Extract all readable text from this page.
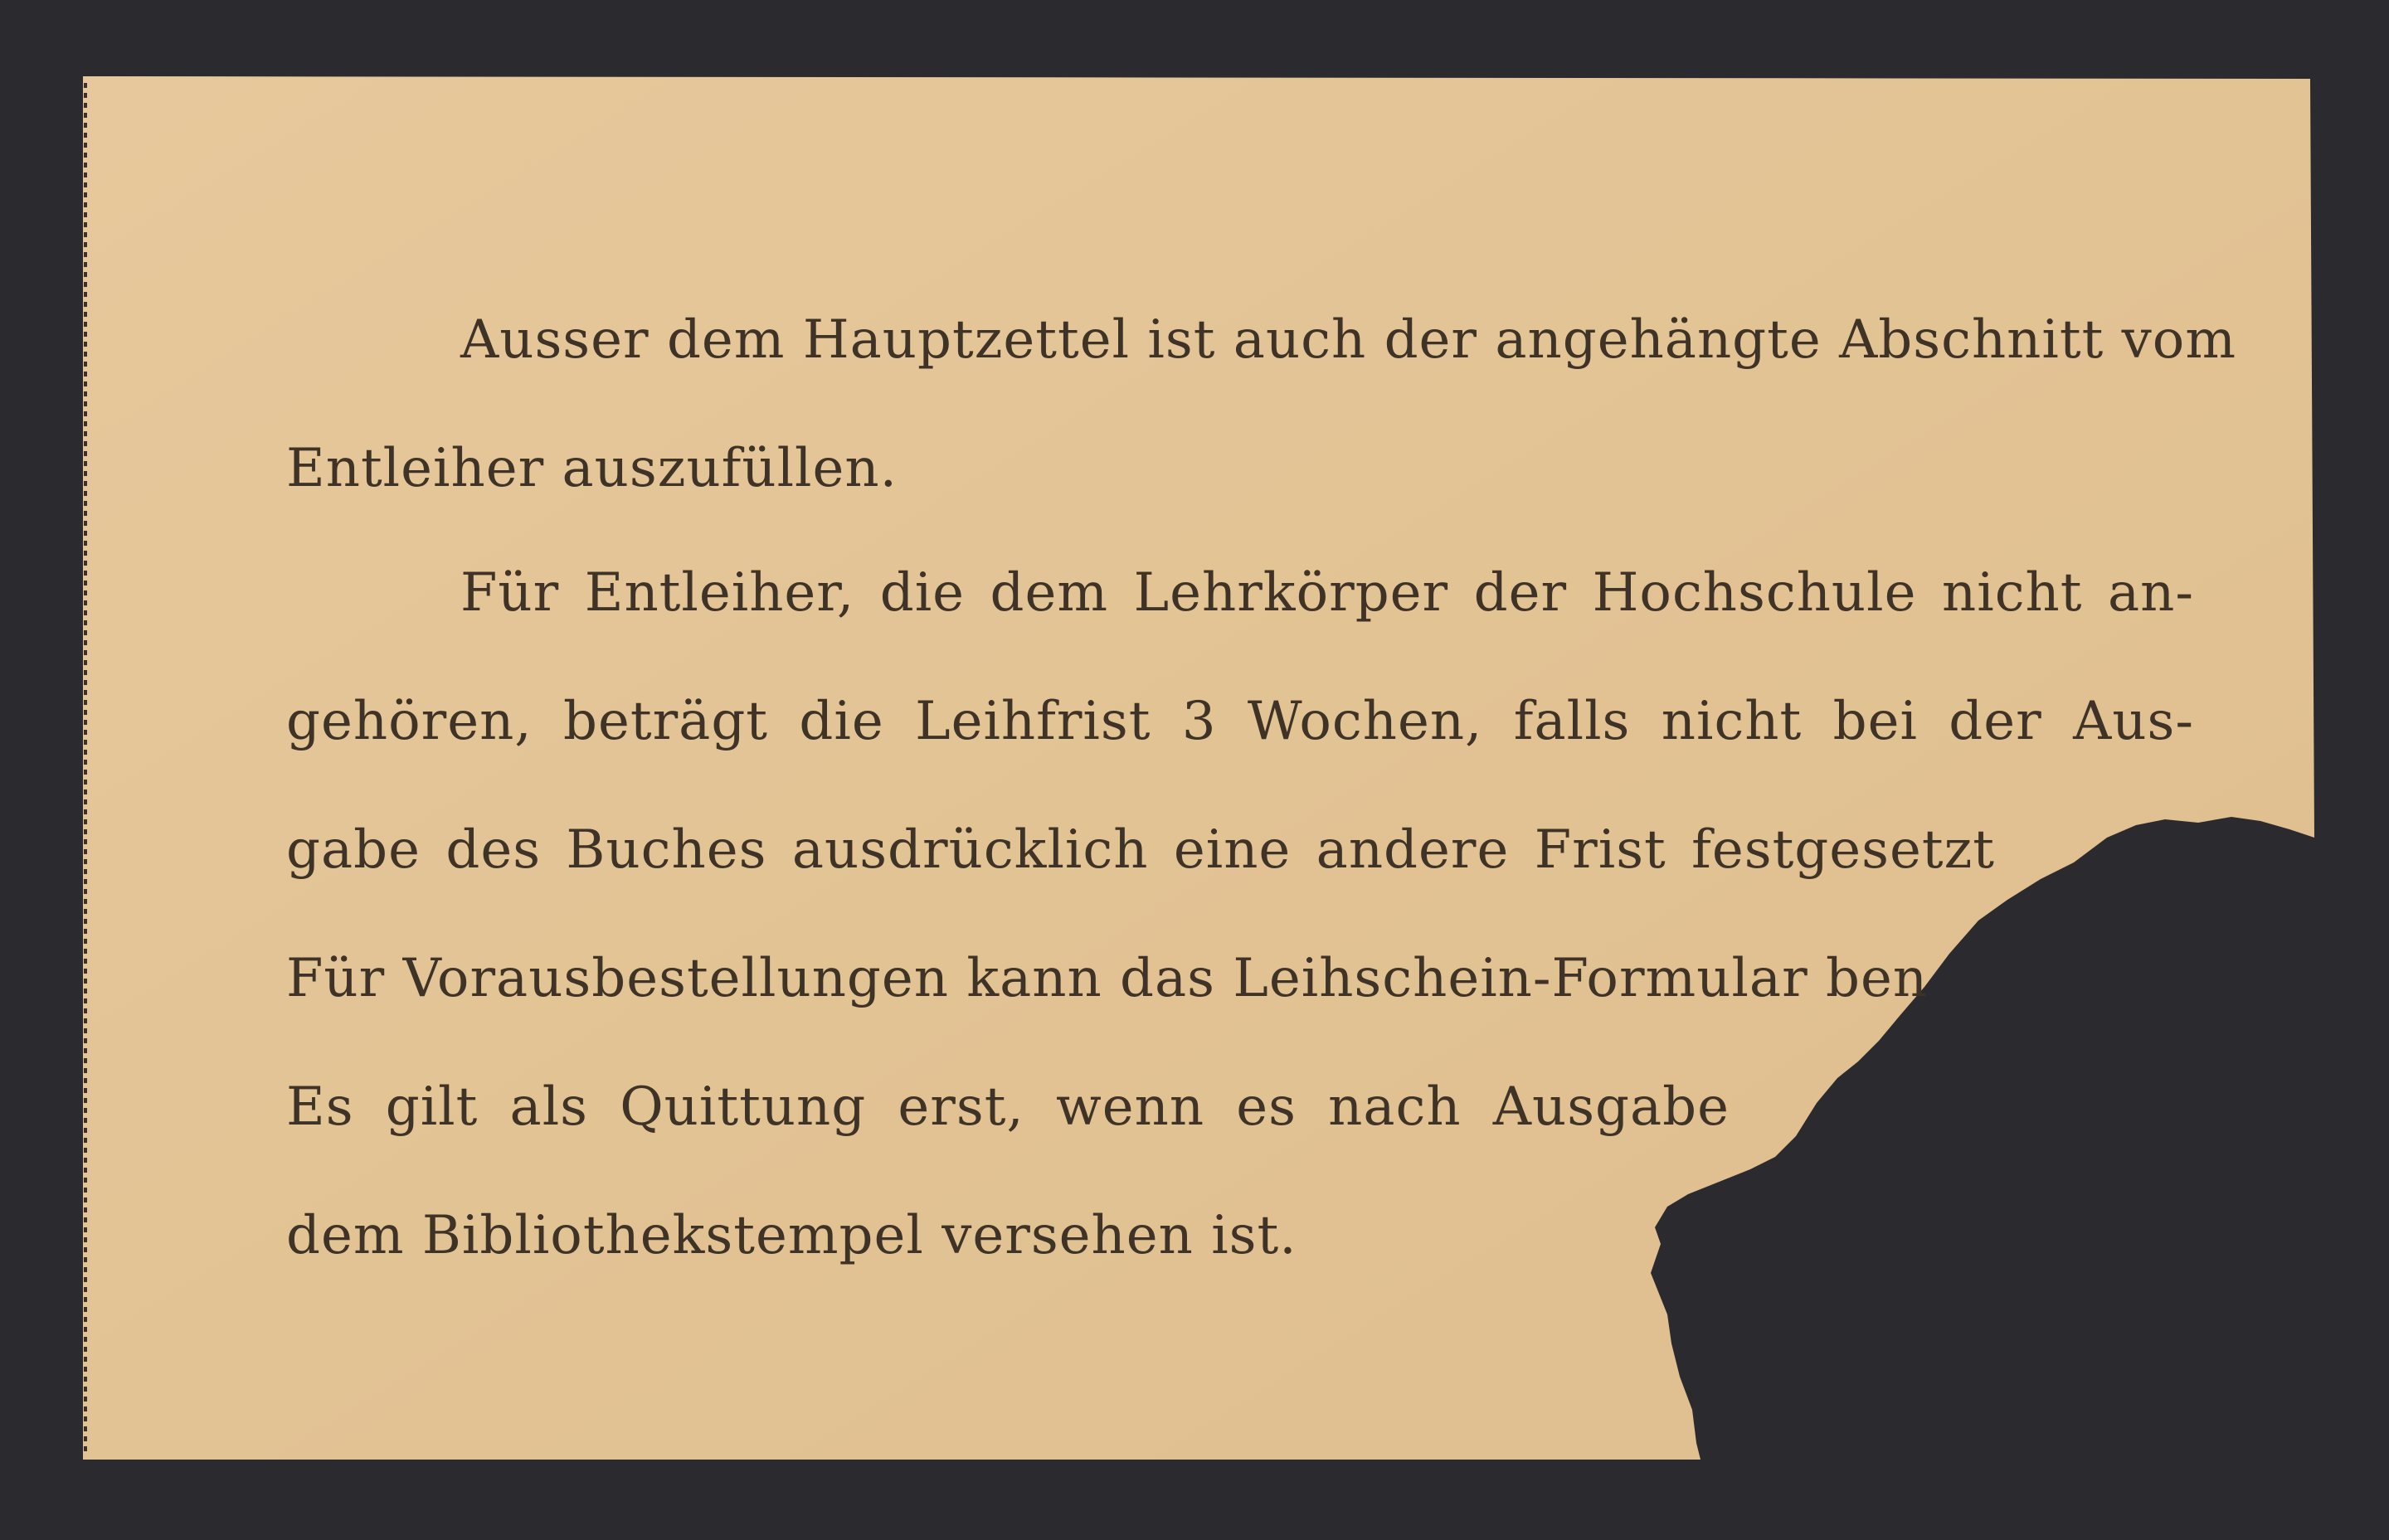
Ausser dem Hauptzettel ist auch der angehängte Abschnitt vom
Entleiher auszufüllen.
Für Entleiher, die dem Lehrkörper der Hochschule nicht an-
gehören, beträgt die Leihfrist 3 Wochen, falls nicht bei der Aus-
gabe des Buches ausdrücklich eine andere Frist festgesetzt
Für Vorausbestellungen kann das Leihschein-Formular ben
Es gilt als Quittung erst, wenn es nach Ausgabe
dem Bibliothekstempel versehen ist.
